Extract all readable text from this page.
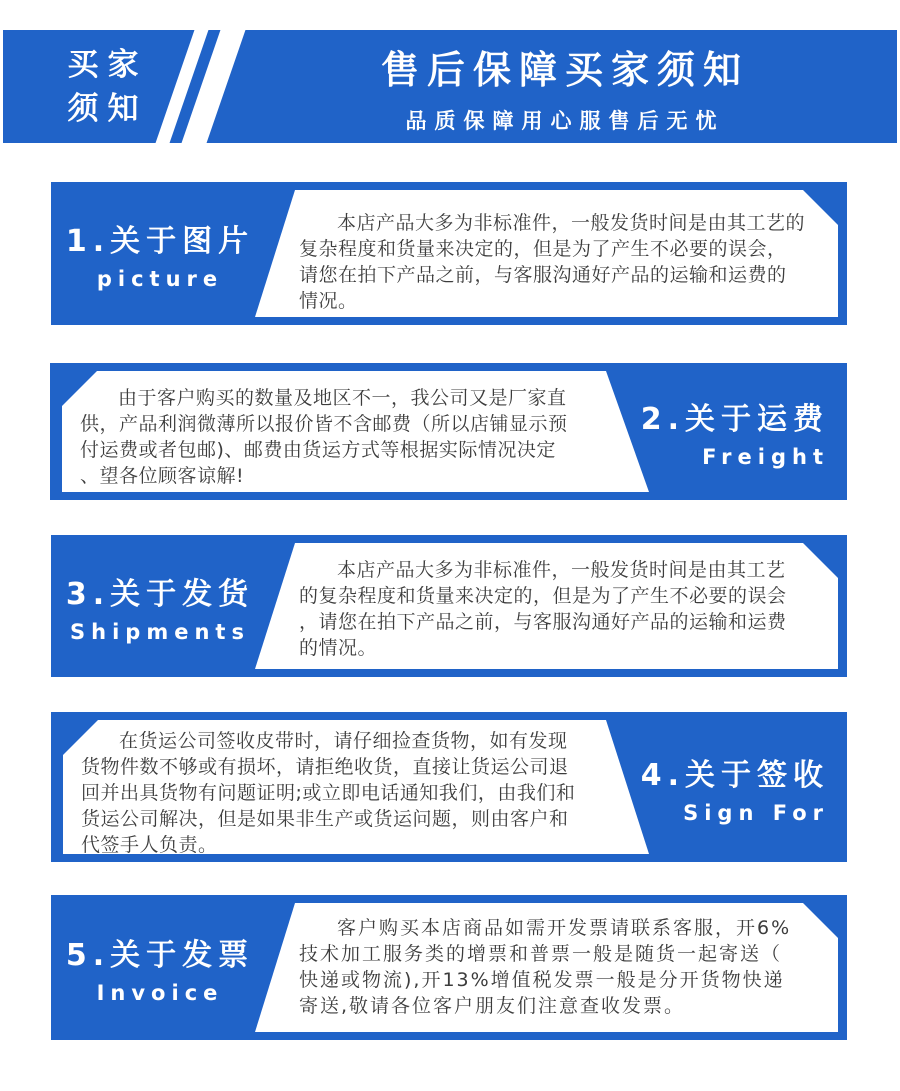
买家
须知
售后保障买家须知
品质保障用心服售后无忧
1.关于图片
picture
本店产品大多为非标准件，一般发货时间是由其工艺的
复杂程度和货量来决定的，但是为了产生不必要的误会，
请您在拍下产品之前，与客服沟通好产品的运输和运费的
情况。
2.关于运费
Freight
由于客户购买的数量及地区不一，我公司又是厂家直
供，产品利润微薄所以报价皆不含邮费（所以店铺显示预
付运费或者包邮)、邮费由货运方式等根据实际情况决定
、望各位顾客谅解!
3.关于发货
Shipments
本店产品大多为非标准件，一般发货时间是由其工艺
的复杂程度和货量来决定的，但是为了产生不必要的误会
，请您在拍下产品之前，与客服沟通好产品的运输和运费
的情况。
4.关于签收
Sign For
在货运公司签收皮带时，请仔细捡查货物，如有发现
货物件数不够或有损坏，请拒绝收货，直接让货运公司退
回并出具货物有问题证明;或立即电话通知我们，由我们和
货运公司解决，但是如果非生产或货运问题，则由客户和
代签手人负责。
5.关于发票
Invoice
客户购买本店商品如需开发票请联系客服，开6%
技术加工服务类的增票和普票一般是随货一起寄送（
快递或物流),开13%增值税发票一般是分开货物快递
寄送,敬请各位客户朋友们注意查收发票。
